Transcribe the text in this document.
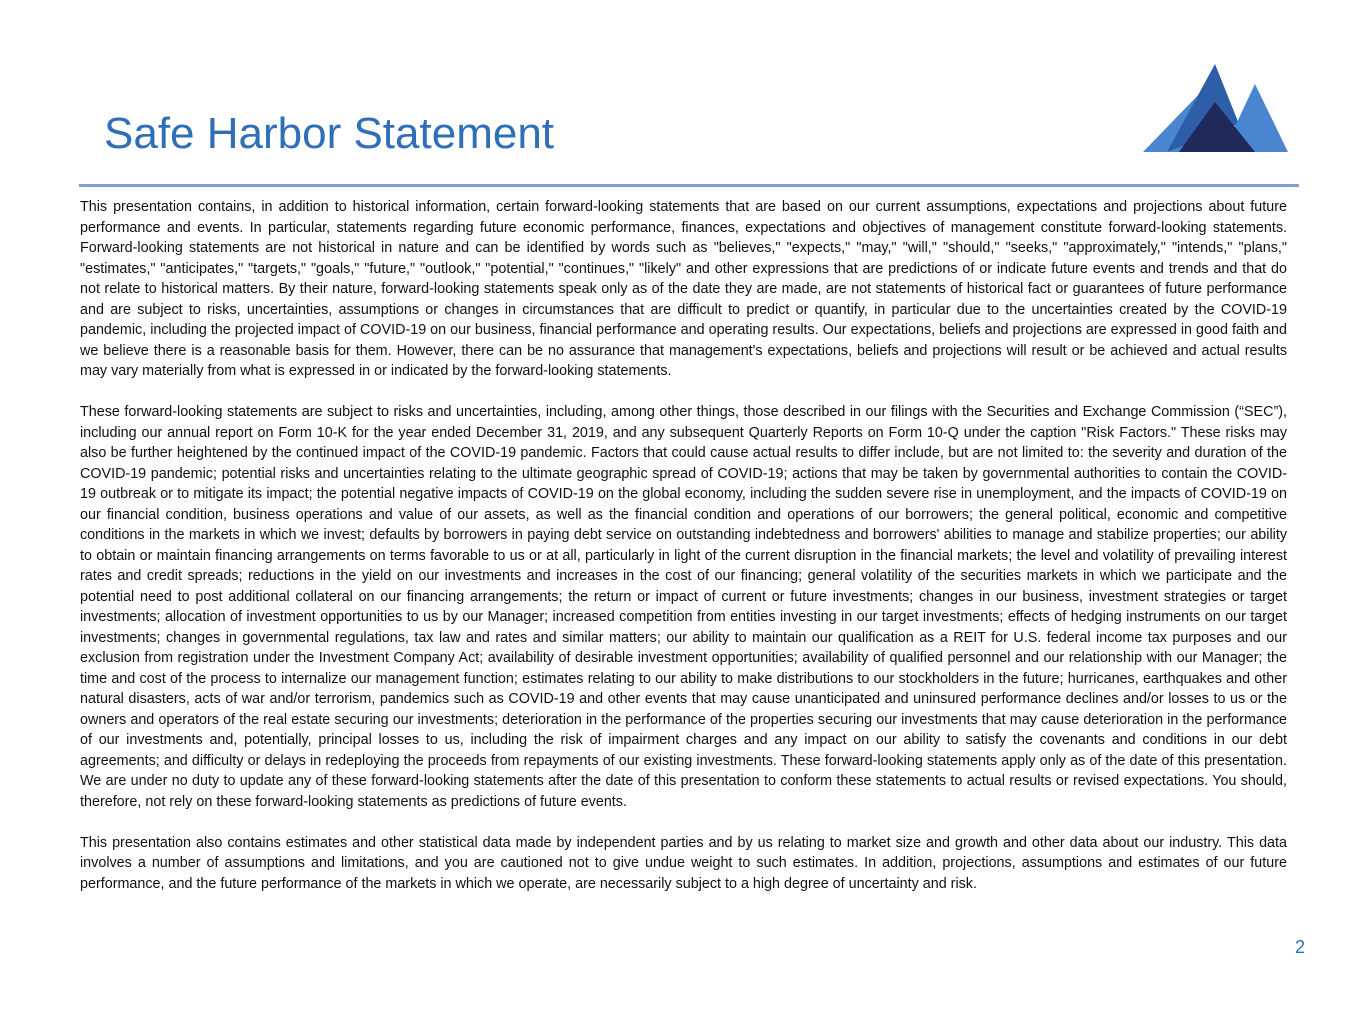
Safe Harbor Statement

This presentation contains, in addition to historical information, certain forward-looking statements that are based on our current assumptions, expectations and projections about future performance and events. In particular, statements regarding future economic performance, finances, expectations and objectives of management constitute forward-looking statements. Forward-looking statements are not historical in nature and can be identified by words such as "believes," "expects," "may," "will," "should," "seeks," "approximately," "intends," "plans," "estimates," "anticipates," "targets," "goals," "future," "outlook," "potential," "continues," "likely" and other expressions that are predictions of or indicate future events and trends and that do not relate to historical matters. By their nature, forward-looking statements speak only as of the date they are made, are not statements of historical fact or guarantees of future performance and are subject to risks, uncertainties, assumptions or changes in circumstances that are difficult to predict or quantify, in particular due to the uncertainties created by the COVID-19 pandemic, including the projected impact of COVID-19 on our business, financial performance and operating results. Our expectations, beliefs and projections are expressed in good faith and we believe there is a reasonable basis for them. However, there can be no assurance that management's expectations, beliefs and projections will result or be achieved and actual results may vary materially from what is expressed in or indicated by the forward-looking statements.

These forward-looking statements are subject to risks and uncertainties, including, among other things, those described in our filings with the Securities and Exchange Commission (“SEC”), including our annual report on Form 10-K for the year ended December 31, 2019, and any subsequent Quarterly Reports on Form 10-Q under the caption "Risk Factors." These risks may also be further heightened by the continued impact of the COVID-19 pandemic. Factors that could cause actual results to differ include, but are not limited to: the severity and duration of the COVID-19 pandemic; potential risks and uncertainties relating to the ultimate geographic spread of COVID-19; actions that may be taken by governmental authorities to contain the COVID-19 outbreak or to mitigate its impact; the potential negative impacts of COVID-19 on the global economy, including the sudden severe rise in unemployment, and the impacts of COVID-19 on our financial condition, business operations and value of our assets, as well as the financial condition and operations of our borrowers; the general political, economic and competitive conditions in the markets in which we invest; defaults by borrowers in paying debt service on outstanding indebtedness and borrowers' abilities to manage and stabilize properties; our ability to obtain or maintain financing arrangements on terms favorable to us or at all, particularly in light of the current disruption in the financial markets; the level and volatility of prevailing interest rates and credit spreads; reductions in the yield on our investments and increases in the cost of our financing; general volatility of the securities markets in which we participate and the potential need to post additional collateral on our financing arrangements; the return or impact of current or future investments; changes in our business, investment strategies or target investments; allocation of investment opportunities to us by our Manager; increased competition from entities investing in our target investments; effects of hedging instruments on our target investments; changes in governmental regulations, tax law and rates and similar matters; our ability to maintain our qualification as a REIT for U.S. federal income tax purposes and our exclusion from registration under the Investment Company Act; availability of desirable investment opportunities; availability of qualified personnel and our relationship with our Manager; the time and cost of the process to internalize our management function; estimates relating to our ability to make distributions to our stockholders in the future; hurricanes, earthquakes and other natural disasters, acts of war and/or terrorism, pandemics such as COVID-19 and other events that may cause unanticipated and uninsured performance declines and/or losses to us or the owners and operators of the real estate securing our investments; deterioration in the performance of the properties securing our investments that may cause deterioration in the performance of our investments and, potentially, principal losses to us, including the risk of impairment charges and any impact on our ability to satisfy the covenants and conditions in our debt agreements; and difficulty or delays in redeploying the proceeds from repayments of our existing investments. These forward-looking statements apply only as of the date of this presentation. We are under no duty to update any of these forward-looking statements after the date of this presentation to conform these statements to actual results or revised expectations. You should, therefore, not rely on these forward-looking statements as predictions of future events.

This presentation also contains estimates and other statistical data made by independent parties and by us relating to market size and growth and other data about our industry. This data involves a number of assumptions and limitations, and you are cautioned not to give undue weight to such estimates. In addition, projections, assumptions and estimates of our future performance, and the future performance of the markets in which we operate, are necessarily subject to a high degree of uncertainty and risk.

2
